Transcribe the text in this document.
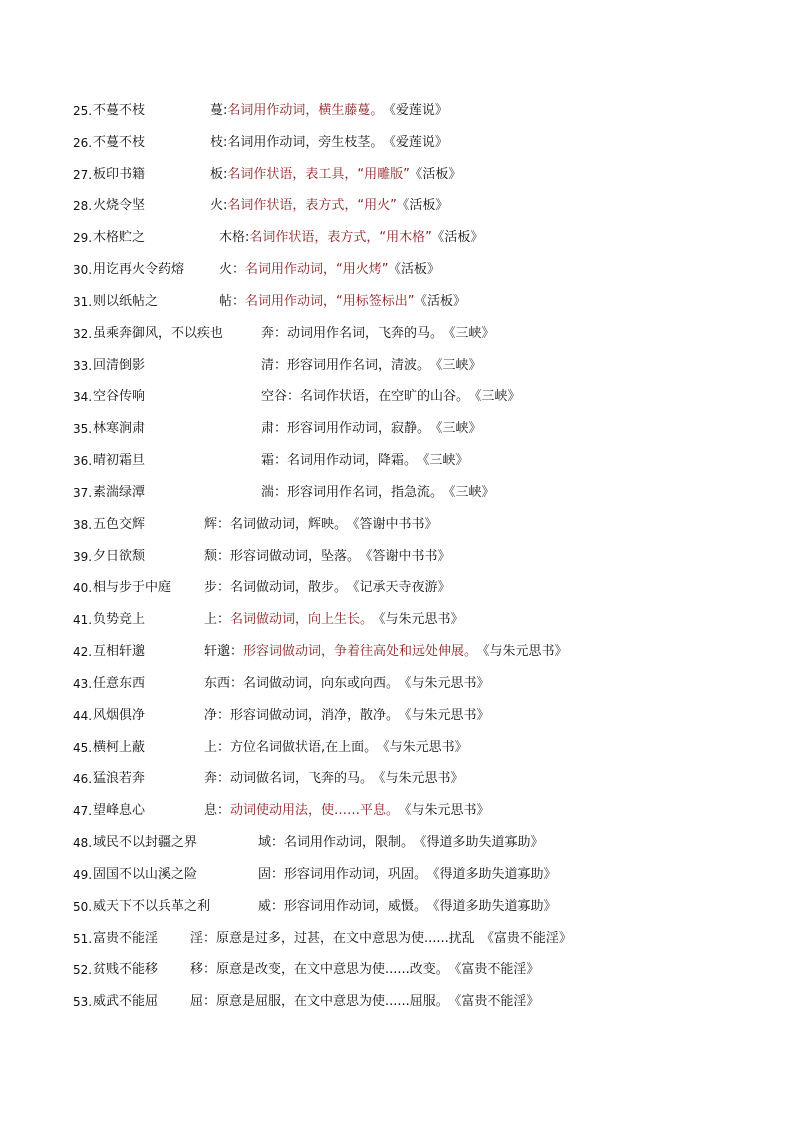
25. 不蔓不枝	蔓:名词用作动词，横生藤蔓。 《爱莲说》
26. 不蔓不枝	枝:名词用作动词，旁生枝茎。 《爱莲说》
27. 板印书籍	板:名词作状语，表工具，“用雕版” 《活板》
28. 火烧令坚	火:名词作状语，表方式，“用火” 《活板》
29. 木格贮之	木格:名词作状语，表方式，“用木格” 《活板》
30. 用讫再火令药熔	火：名词用作动词，“用火烤” 《活板》
31. 则以纸帖之	帖：名词用作动词，“用标签标出” 《活板》
32. 虽乘奔御风，不以疾也	奔：动词用作名词，飞奔的马。 《三峡》
33. 回清倒影	清：形容词用作名词，清波。 《三峡》
34. 空谷传响	空谷：名词作状语，在空旷的山谷。 《三峡》
35. 林寒涧肃	肃：形容词用作动词，寂静。 《三峡》
36. 晴初霜旦	霜：名词用作动词，降霜。 《三峡》
37. 素湍绿潭	湍：形容词用作名词，指急流。 《三峡》
38. 五色交辉	辉：名词做动词，辉映。 《答谢中书书》
39. 夕日欲颓	颓：形容词做动词，坠落。 《答谢中书书》
40. 相与步于中庭	步：名词做动词，散步。 《记承天寺夜游》
41. 负势竞上	上：名词做动词，向上生长。 《与朱元思书》
42. 互相轩邈	轩邈：形容词做动词，争着往高处和远处伸展。 《与朱元思书》
43. 任意东西	东西：名词做动词，向东或向西。 《与朱元思书》
44. 风烟俱净	净：形容词做动词，消净，散净。 《与朱元思书》
45. 横柯上蔽	上：方位名词做状语,在上面。 《与朱元思书》
46. 猛浪若奔	奔：动词做名词，飞奔的马。 《与朱元思书》
47. 望峰息心	息：动词使动用法，使……平息。 《与朱元思书》
48. 域民不以封疆之界	域：名词用作动词，限制。 《得道多助失道寡助》
49. 固国不以山溪之险	固：形容词用作动词，巩固。 《得道多助失道寡助》
50. 威天下不以兵革之利	威：形容词用作动词，威慑。 《得道多助失道寡助》
51. 富贵不能淫 淫：原意是过多，过甚，在文中意思为使......扰乱 《富贵不能淫》
52. 贫贱不能移 移：原意是改变，在文中意思为使......改变。 《富贵不能淫》
53. 威武不能屈 屈：原意是屈服，在文中意思为使......屈服。 《富贵不能淫》
